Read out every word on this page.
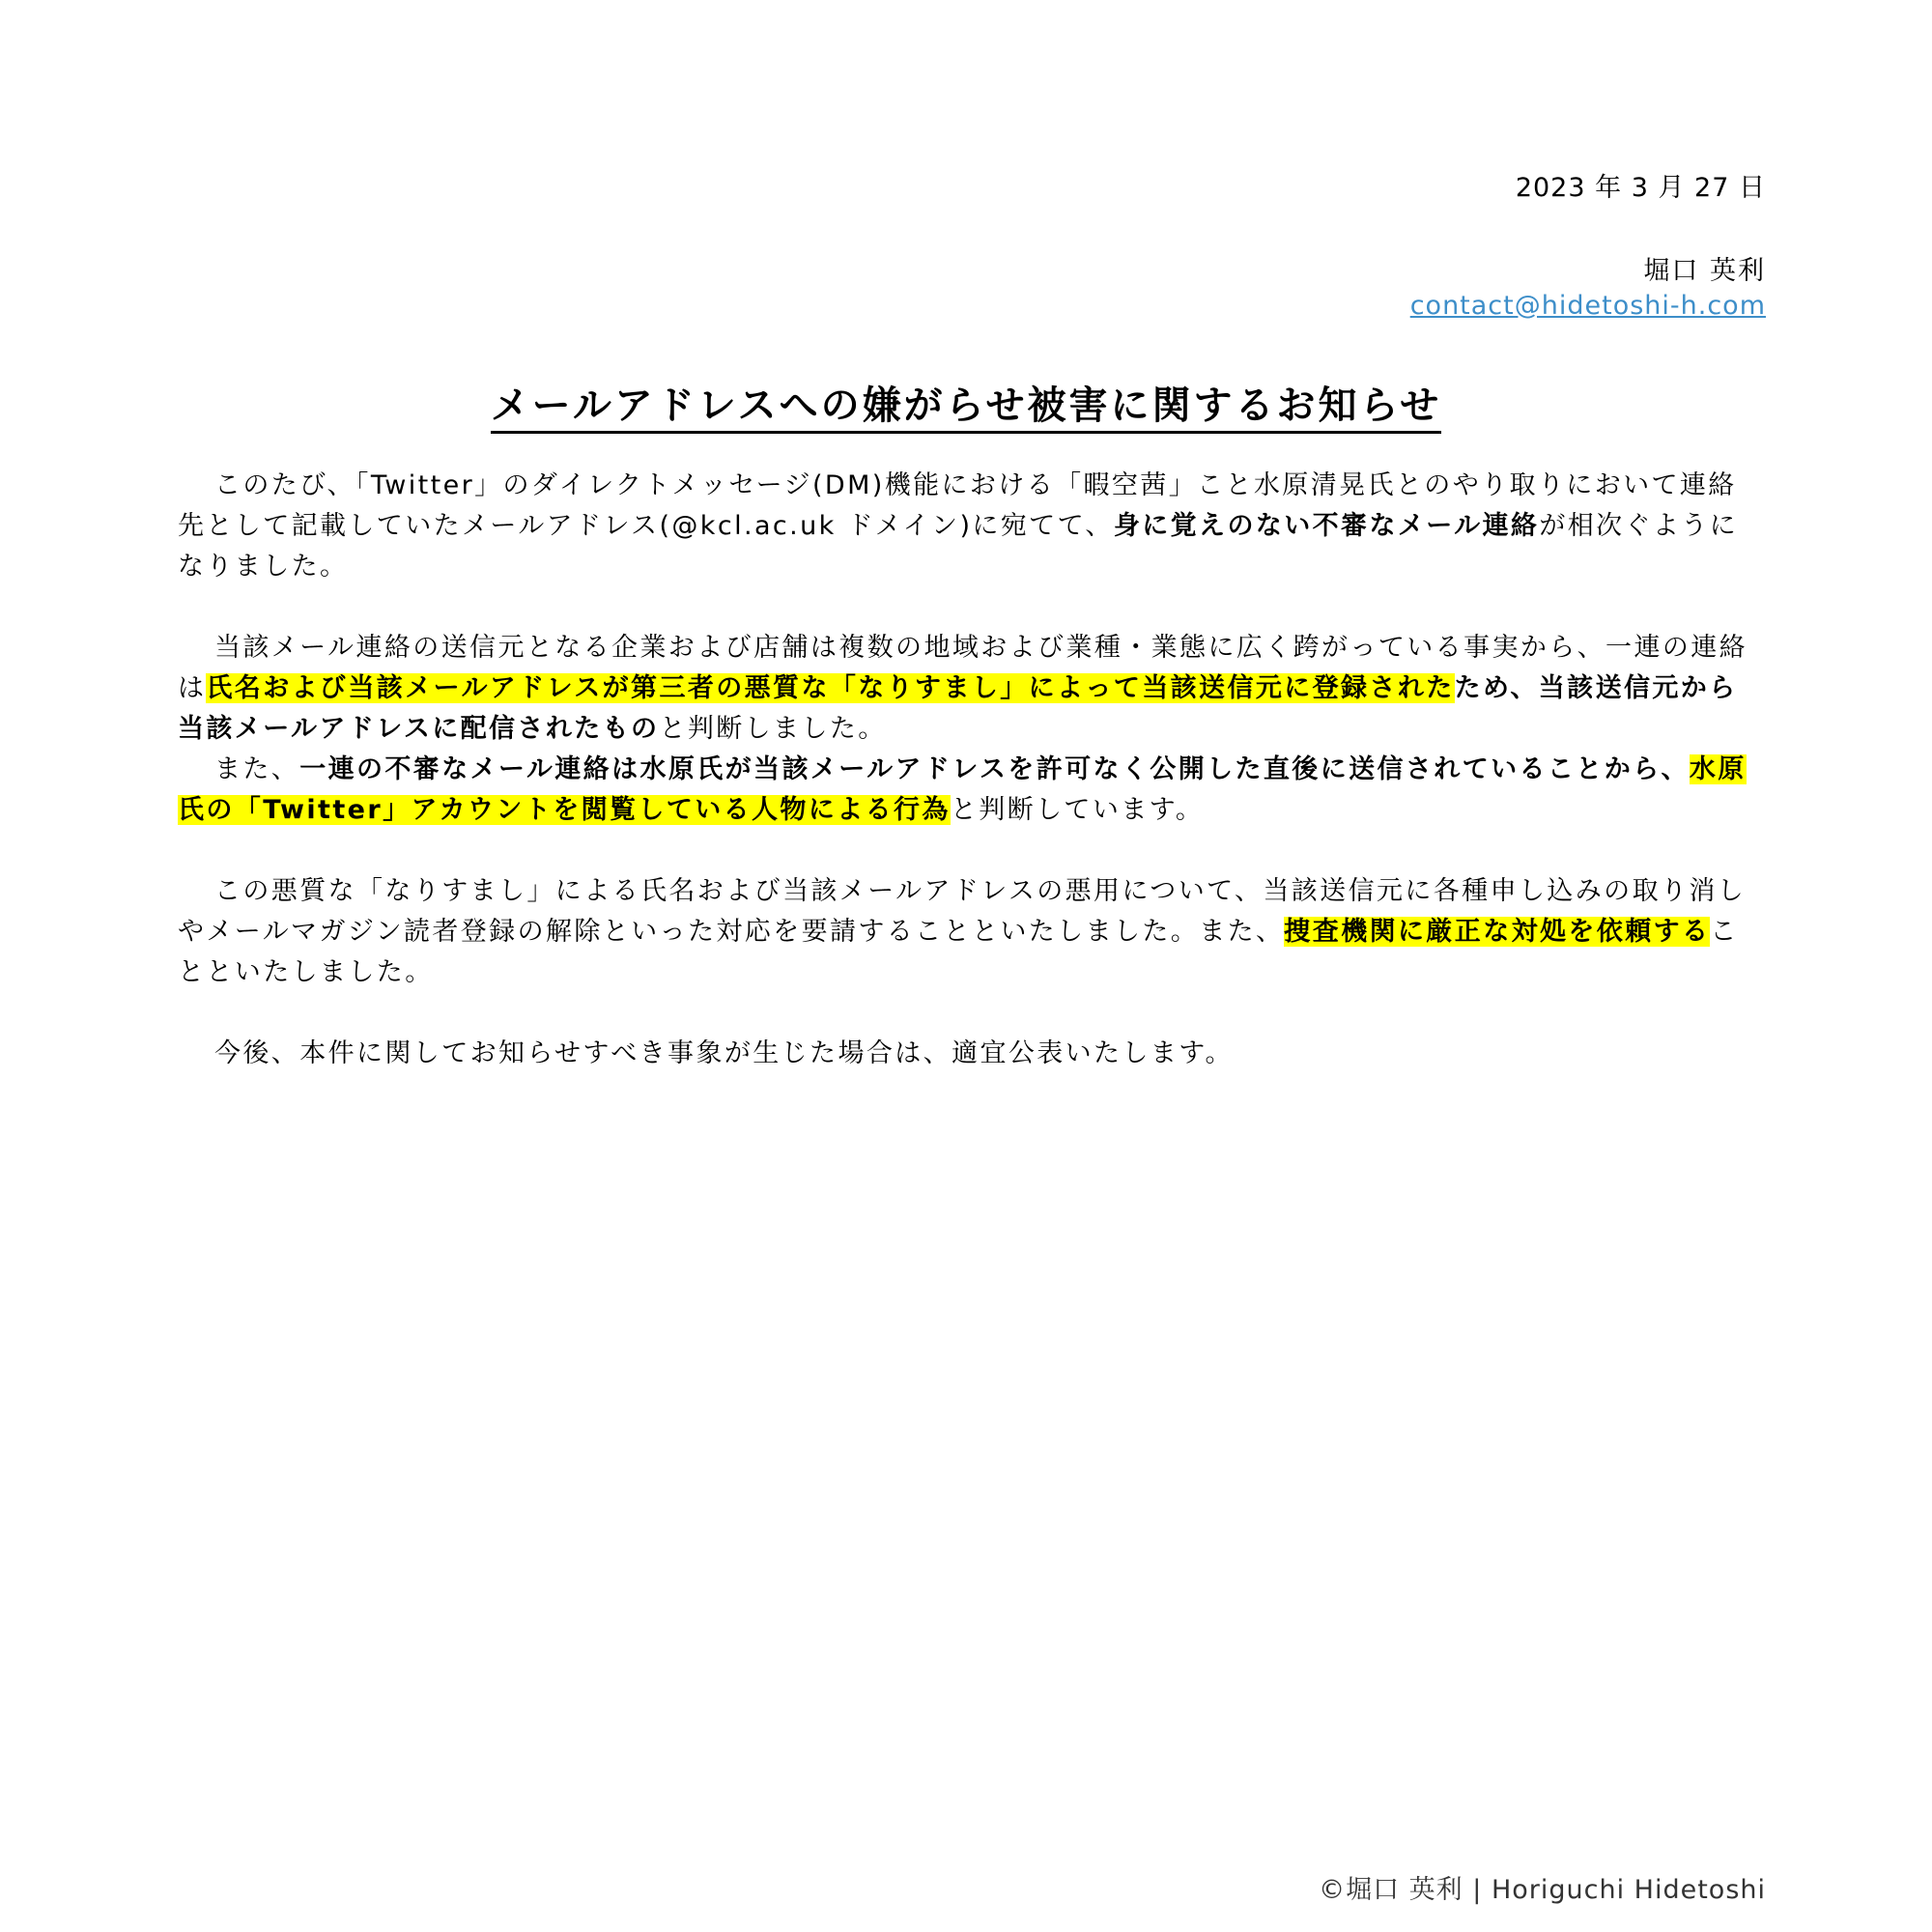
2023 年 3 月 27 日
堀口 英利
contact@hidetoshi-h.com
メールアドレスへの嫌がらせ被害に関するお知らせ

このたび、「Twitter」のダイレクトメッセージ(DM)機能における「暇空茜」こと水原清晃氏とのやり取りにおいて連絡先として記載していたメールアドレス(@kcl.ac.uk ドメイン)に宛てて、身に覚えのない不審なメール連絡が相次ぐようになりました。

当該メール連絡の送信元となる企業および店舗は複数の地域および業種・業態に広く跨がっている事実から、一連の連絡は氏名および当該メールアドレスが第三者の悪質な「なりすまし」によって当該送信元に登録されたため、当該送信元から当該メールアドレスに配信されたものと判断しました。

また、一連の不審なメール連絡は水原氏が当該メールアドレスを許可なく公開した直後に送信されていることから、水原氏の「Twitter」アカウントを閲覧している人物による行為と判断しています。

この悪質な「なりすまし」による氏名および当該メールアドレスの悪用について、当該送信元に各種申し込みの取り消しやメールマガジン読者登録の解除といった対応を要請することといたしました。また、捜査機関に厳正な対処を依頼することといたしました。

今後、本件に関してお知らせすべき事象が生じた場合は、適宜公表いたします。

©堀口 英利 | Horiguchi Hidetoshi
